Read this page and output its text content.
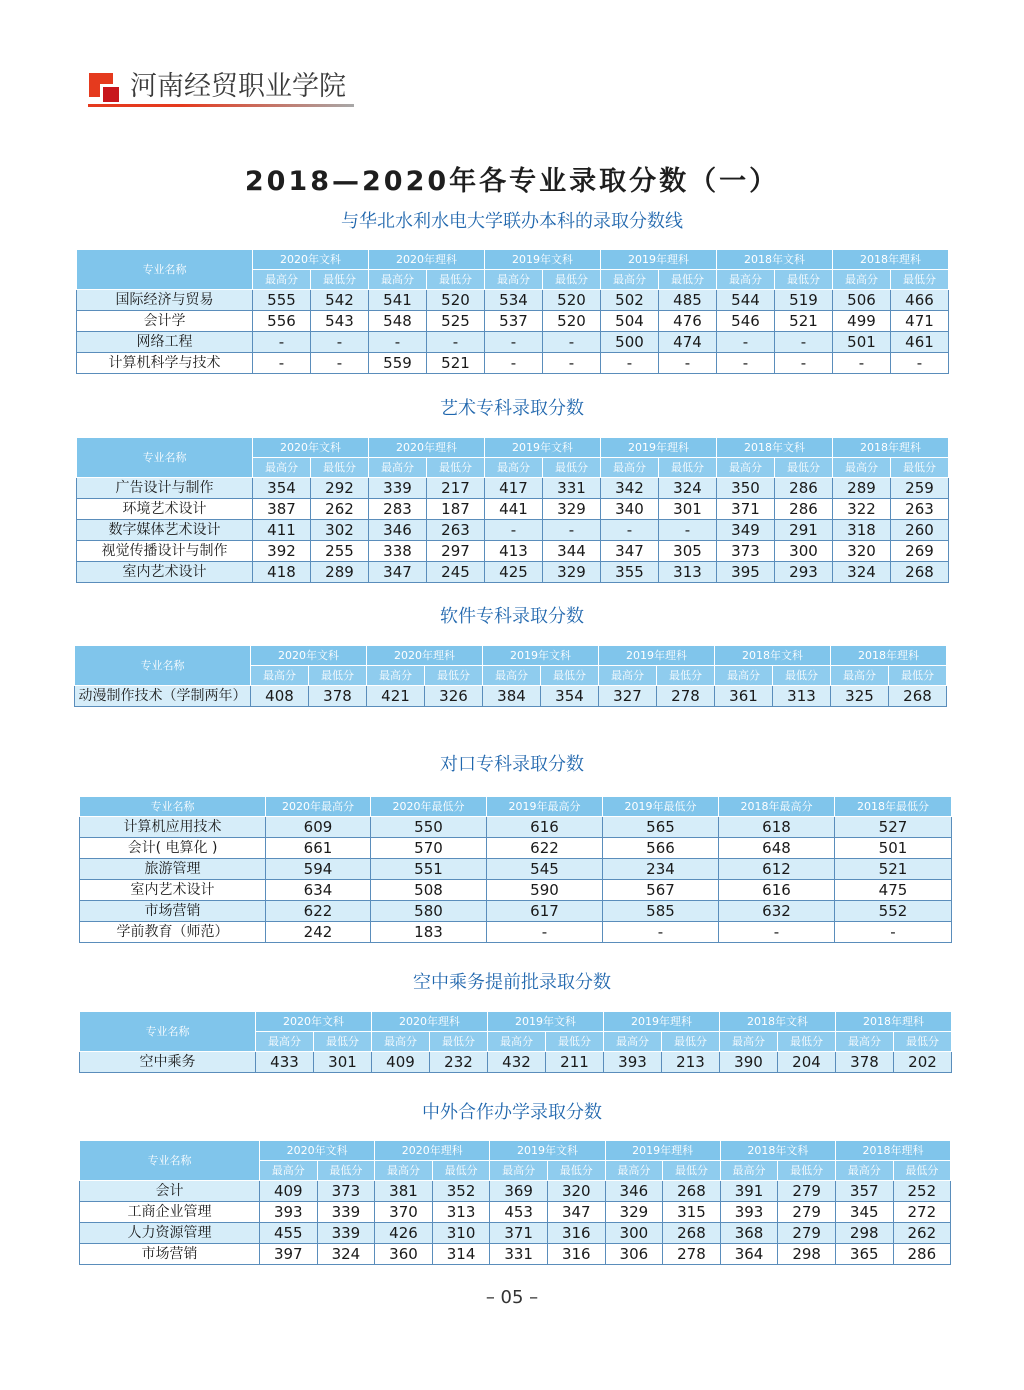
河南经贸职业学院
2018—2020年各专业录取分数（一）
与华北水利水电大学联办本科的录取分数线
专业名称	2020年文科		2020年理科		2019年文科		2019年理科		2018年文科		2018年理科	
	最高分	最低分	最高分	最低分	最高分	最低分	最高分	最低分	最高分	最低分	最高分	最低分
国际经济与贸易	555	542	541	520	534	520	502	485	544	519	506	466
会计学	556	543	548	525	537	520	504	476	546	521	499	471
网络工程	-	-	-	-	-	-	500	474	-	-	501	461
计算机科学与技术	-	-	559	521	-	-	-	-	-	-	-	-
艺术专科录取分数
专业名称	2020年文科		2020年理科		2019年文科		2019年理科		2018年文科		2018年理科	
	最高分	最低分	最高分	最低分	最高分	最低分	最高分	最低分	最高分	最低分	最高分	最低分
广告设计与制作	354	292	339	217	417	331	342	324	350	286	289	259
环境艺术设计	387	262	283	187	441	329	340	301	371	286	322	263
数字媒体艺术设计	411	302	346	263	-	-	-	-	349	291	318	260
视觉传播设计与制作	392	255	338	297	413	344	347	305	373	300	320	269
室内艺术设计	418	289	347	245	425	329	355	313	395	293	324	268
软件专科录取分数
专业名称	2020年文科		2020年理科		2019年文科		2019年理科		2018年文科		2018年理科	
	最高分	最低分	最高分	最低分	最高分	最低分	最高分	最低分	最高分	最低分	最高分	最低分
动漫制作技术（学制两年）	408	378	421	326	384	354	327	278	361	313	325	268
对口专科录取分数
专业名称	2020年最高分	2020年最低分	2019年最高分	2019年最低分	2018年最高分	2018年最低分
计算机应用技术	609	550	616	565	618	527
会计( 电算化 )	661	570	622	566	648	501
旅游管理	594	551	545	234	612	521
室内艺术设计	634	508	590	567	616	475
市场营销	622	580	617	585	632	552
学前教育（师范）	242	183	-	-	-	-
空中乘务提前批录取分数
专业名称	2020年文科		2020年理科		2019年文科		2019年理科		2018年文科		2018年理科	
	最高分	最低分	最高分	最低分	最高分	最低分	最高分	最低分	最高分	最低分	最高分	最低分
空中乘务	433	301	409	232	432	211	393	213	390	204	378	202
中外合作办学录取分数
专业名称	2020年文科		2020年理科		2019年文科		2019年理科		2018年文科		2018年理科	
	最高分	最低分	最高分	最低分	最高分	最低分	最高分	最低分	最高分	最低分	最高分	最低分
会计	409	373	381	352	369	320	346	268	391	279	357	252
工商企业管理	393	339	370	313	453	347	329	315	393	279	345	272
人力资源管理	455	339	426	310	371	316	300	268	368	279	298	262
市场营销	397	324	360	314	331	316	306	278	364	298	365	286
– 05 –
